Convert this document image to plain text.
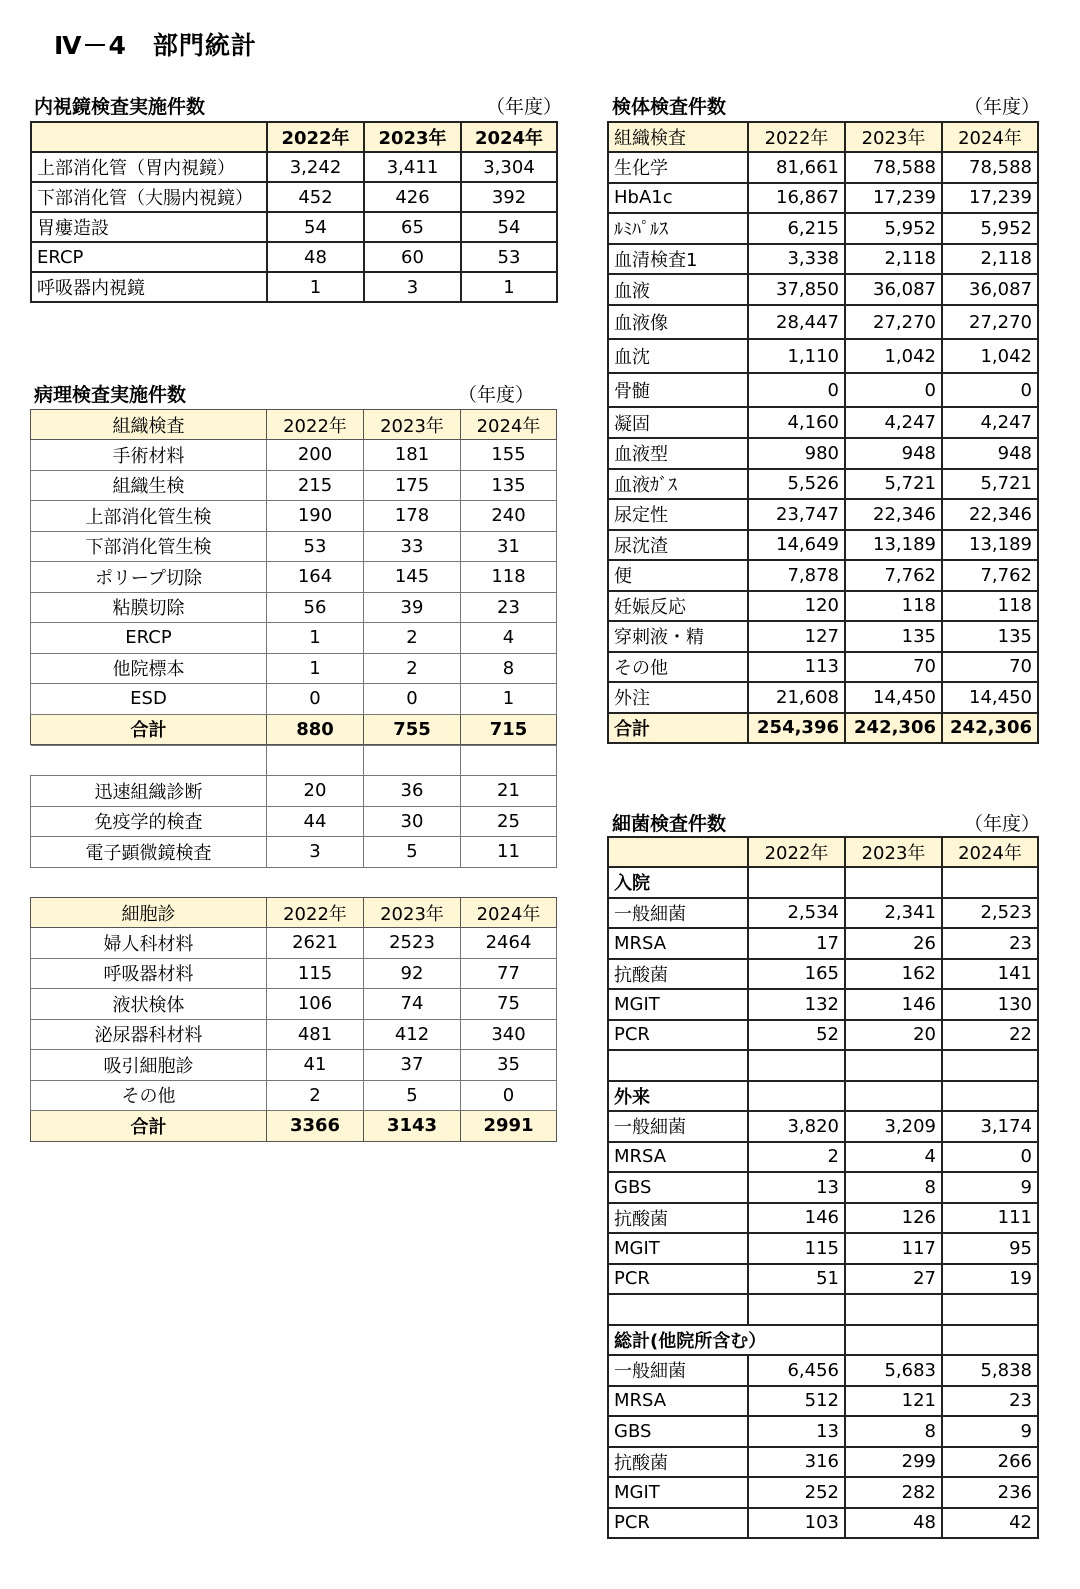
Ⅳ－4　部門統計
内視鏡検査実施件数	（年度）
	2022年	2023年	2024年
上部消化管（胃内視鏡）	3,242	3,411	3,304
下部消化管（大腸内視鏡）	452	426	392
胃瘻造設	54	65	54
ERCP	48	60	53
呼吸器内視鏡	1	3	1
病理検査実施件数	（年度）
組織検査	2022年	2023年	2024年
手術材料	200	181	155
組織生検	215	175	135
上部消化管生検	190	178	240
下部消化管生検	53	33	31
ポリープ切除	164	145	118
粘膜切除	56	39	23
ERCP	1	2	4
他院標本	1	2	8
ESD	0	0	1
合計	880	755	715

迅速組織診断	20	36	21
免疫学的検査	44	30	25
電子顕微鏡検査	3	5	11
細胞診	2022年	2023年	2024年
婦人科材料	2621	2523	2464
呼吸器材料	115	92	77
液状検体	106	74	75
泌尿器科材料	481	412	340
吸引細胞診	41	37	35
その他	2	5	0
合計	3366	3143	2991
検体検査件数	（年度）
組織検査	2022年	2023年	2024年
生化学	81,661	78,588	78,588
HbA1c	16,867	17,239	17,239
ﾙﾐﾊﾟﾙｽ	6,215	5,952	5,952
血清検査1	3,338	2,118	2,118
血液	37,850	36,087	36,087
血液像	28,447	27,270	27,270
血沈	1,110	1,042	1,042
骨髄	0	0	0
凝固	4,160	4,247	4,247
血液型	980	948	948
血液ｶﾞｽ	5,526	5,721	5,721
尿定性	23,747	22,346	22,346
尿沈渣	14,649	13,189	13,189
便	7,878	7,762	7,762
妊娠反応	120	118	118
穿刺液・精	127	135	135
その他	113	70	70
外注	21,608	14,450	14,450
合計	254,396	242,306	242,306
細菌検査件数	（年度）
	2022年	2023年	2024年
入院			
一般細菌	2,534	2,341	2,523
MRSA	17	26	23
抗酸菌	165	162	141
MGIT	132	146	130
PCR	52	20	22

外来			
一般細菌	3,820	3,209	3,174
MRSA	2	4	0
GBS	13	8	9
抗酸菌	146	126	111
MGIT	115	117	95
PCR	51	27	19

総計(他院所含む）			
一般細菌	6,456	5,683	5,838
MRSA	512	121	23
GBS	13	8	9
抗酸菌	316	299	266
MGIT	252	282	236
PCR	103	48	42
